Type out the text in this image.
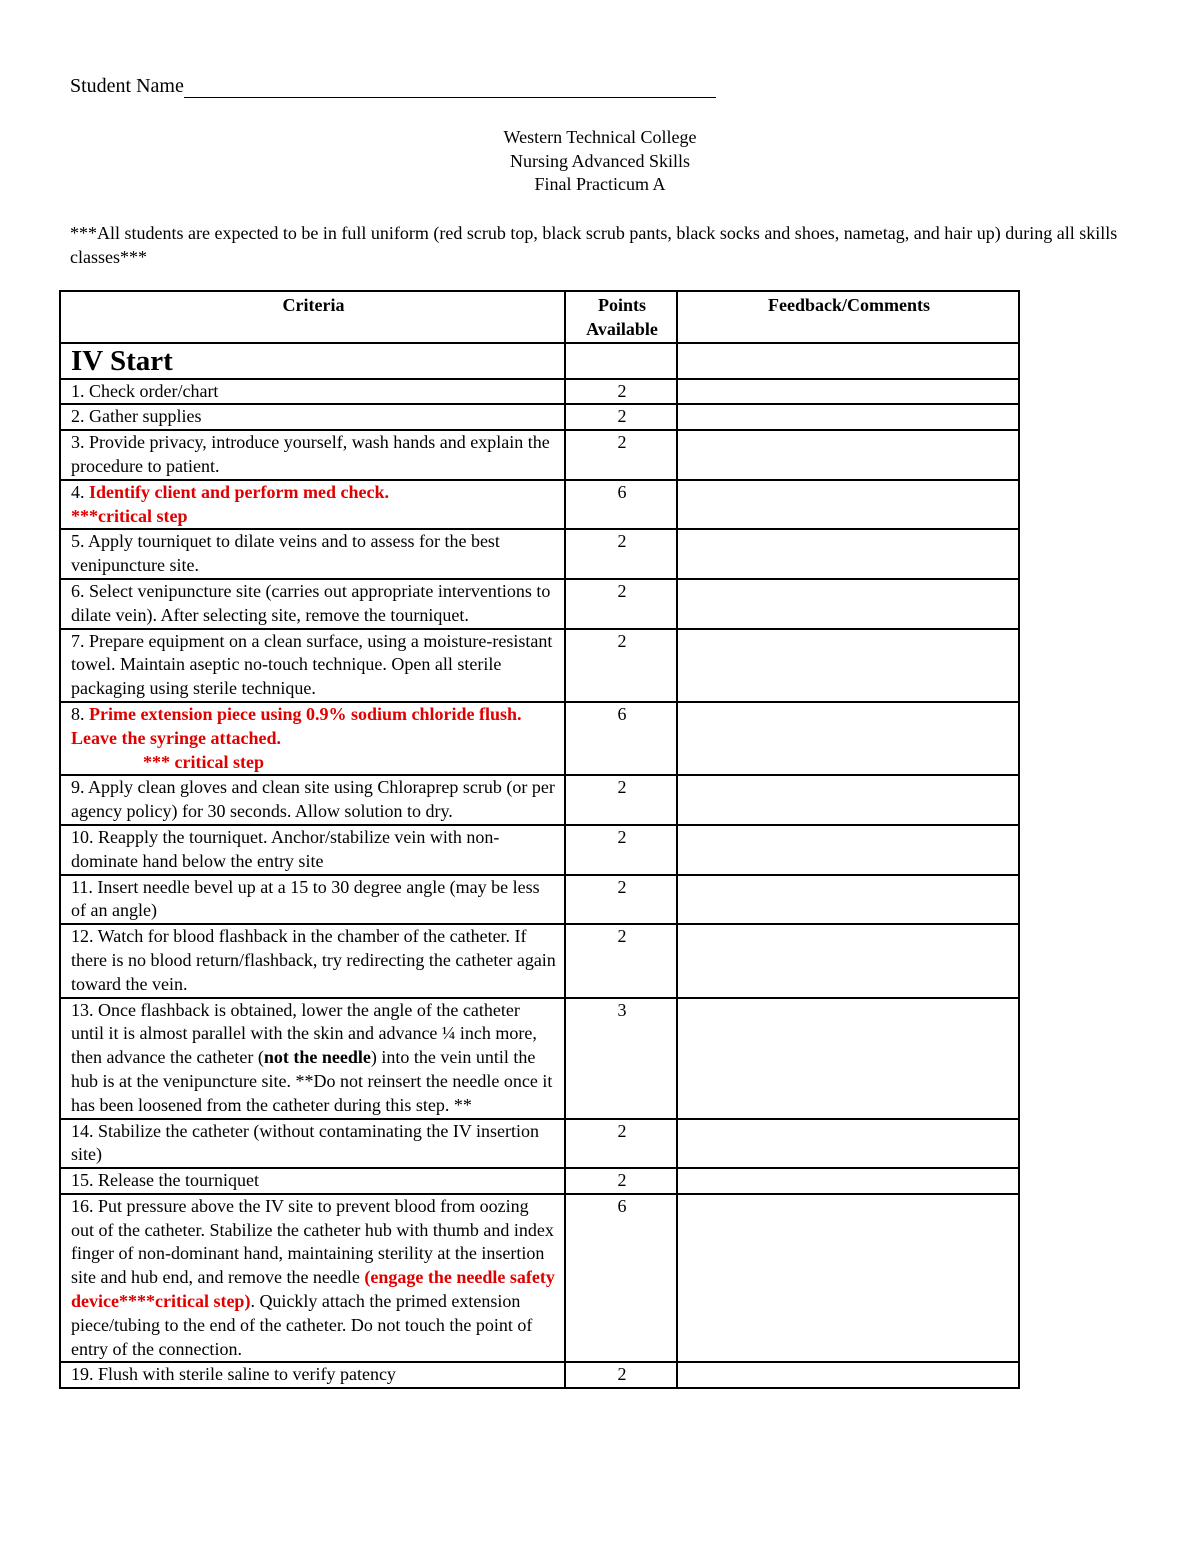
Student Name
Western Technical College
Nursing Advanced Skills
Final Practicum A
***All students are expected to be in full uniform (red scrub top, black scrub pants, black socks and shoes, nametag, and hair up) during all skills classes***
Criteria	Points Available	Feedback/Comments
IV Start		
1. Check order/chart	2	
2. Gather supplies	2	
3. Provide privacy, introduce yourself, wash hands and explain the procedure to patient.	2	
4. Identify client and perform med check.
***critical step	6	
5. Apply tourniquet to dilate veins and to assess for the best venipuncture site.	2	
6. Select venipuncture site (carries out appropriate interventions to dilate vein). After selecting site, remove the tourniquet.	2	
7. Prepare equipment on a clean surface, using a moisture-resistant towel. Maintain aseptic no-touch technique. Open all sterile packaging using sterile technique.	2	
8. Prime extension piece using 0.9% sodium chloride flush. Leave the syringe attached.
*** critical step	6	
9. Apply clean gloves and clean site using Chloraprep scrub (or per agency policy) for 30 seconds. Allow solution to dry.	2	
10. Reapply the tourniquet. Anchor/stabilize vein with non-dominate hand below the entry site	2	
11. Insert needle bevel up at a 15 to 30 degree angle (may be less of an angle)	2	
12. Watch for blood flashback in the chamber of the catheter. If there is no blood return/flashback, try redirecting the catheter again toward the vein.	2	
13. Once flashback is obtained, lower the angle of the catheter until it is almost parallel with the skin and advance ¼ inch more, then advance the catheter (not the needle) into the vein until the hub is at the venipuncture site. **Do not reinsert the needle once it has been loosened from the catheter during this step. **	3	
14. Stabilize the catheter (without contaminating the IV insertion site)	2	
15. Release the tourniquet	2	
16. Put pressure above the IV site to prevent blood from oozing out of the catheter. Stabilize the catheter hub with thumb and index finger of non-dominant hand, maintaining sterility at the insertion site and hub end, and remove the needle (engage the needle safety device****critical step). Quickly attach the primed extension piece/tubing to the end of the catheter. Do not touch the point of entry of the connection.	6	
19. Flush with sterile saline to verify patency	2	
